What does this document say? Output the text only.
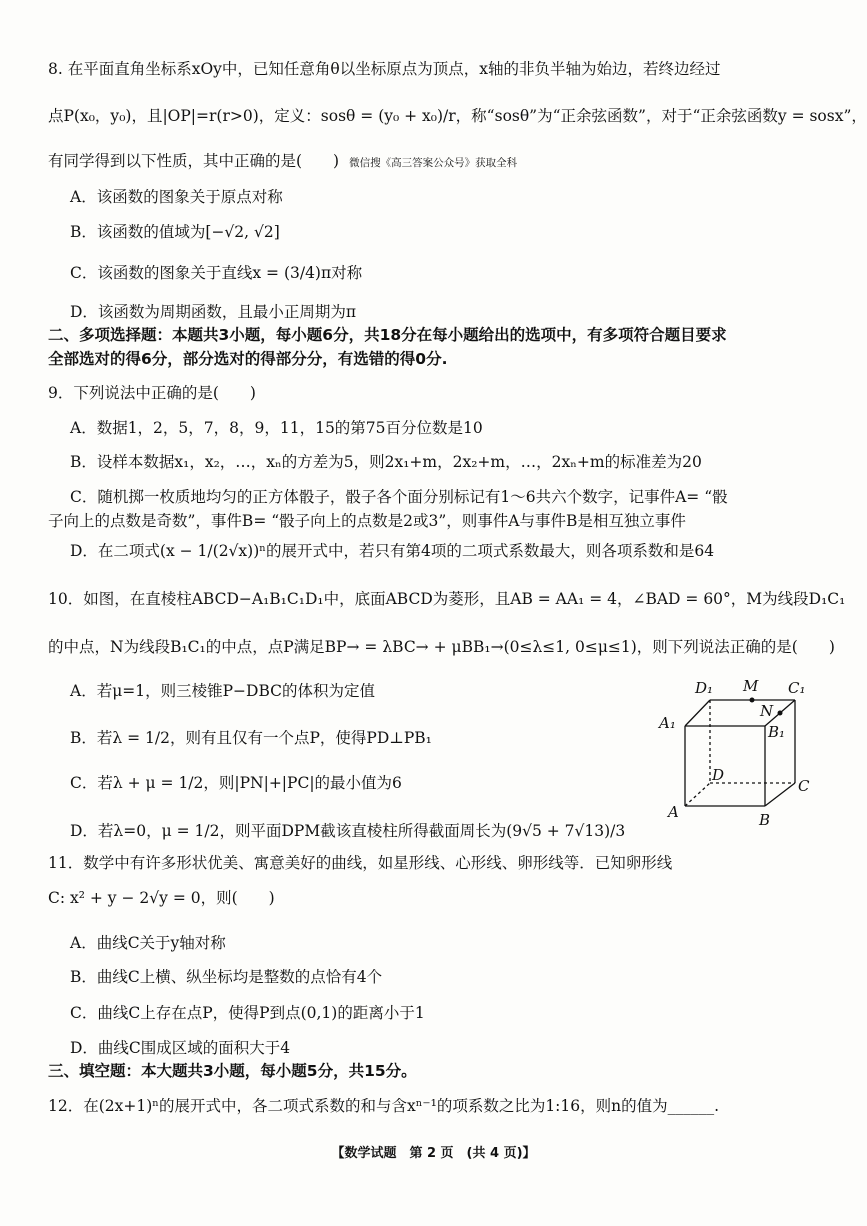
8. 在平面直角坐标系xOy中，已知任意角θ以坐标原点为顶点，x轴的非负半轴为始边，若终边经过
点P(x₀，y₀)，且|OP|=r(r>0)，定义：sosθ = (y₀ + x₀)/r，称“sosθ”为“正余弦函数”，对于“正余弦函数y = sosx”，
有同学得到以下性质，其中正确的是(　　) 微信搜《高三答案公众号》获取全科
A．该函数的图象关于原点对称
B．该函数的值域为[−√2, √2]
C．该函数的图象关于直线x = (3/4)π对称
D．该函数为周期函数，且最小正周期为π
二、多项选择题：本题共3小题，每小题6分，共18分在每小题给出的选项中，有多项符合题目要求
全部选对的得6分，部分选对的得部分分，有选错的得0分.
9．下列说法中正确的是(　　)
A．数据1，2，5，7，8，9，11，15的第75百分位数是10
B．设样本数据x₁，x₂，…，xₙ的方差为5，则2x₁+m，2x₂+m，…，2xₙ+m的标准差为20
C．随机掷一枚质地均匀的正方体骰子，骰子各个面分别标记有1～6共六个数字，记事件A= “骰
子向上的点数是奇数”，事件B= “骰子向上的点数是2或3”，则事件A与事件B是相互独立事件
D．在二项式(x − 1/(2√x))ⁿ的展开式中，若只有第4项的二项式系数最大，则各项系数和是64
10．如图，在直棱柱ABCD−A₁B₁C₁D₁中，底面ABCD为菱形，且AB = AA₁ = 4，∠BAD = 60°，M为线段D₁C₁
的中点，N为线段B₁C₁的中点，点P满足BP→ = λBC→ + μBB₁→(0≤λ≤1, 0≤μ≤1)，则下列说法正确的是(　　)
A．若μ=1，则三棱锥P−DBC的体积为定值
B．若λ = 1/2，则有且仅有一个点P，使得PD⊥PB₁
C．若λ + μ = 1/2，则|PN|+|PC|的最小值为6
D．若λ=0，μ = 1/2，则平面DPM截该直棱柱所得截面周长为(9√5 + 7√13)/3
D₁ M C₁
A₁
N
B₁
D
C
A	B
11．数学中有许多形状优美、寓意美好的曲线，如星形线、心形线、卵形线等．已知卵形线
C: x² + y − 2√y = 0，则(　　)
A．曲线C关于y轴对称
B．曲线C上横、纵坐标均是整数的点恰有4个
C．曲线C上存在点P，使得P到点(0,1)的距离小于1
D．曲线C围成区域的面积大于4
三、填空题：本大题共3小题，每小题5分，共15分。
12．在(2x+1)ⁿ的展开式中，各二项式系数的和与含xⁿ⁻¹的项系数之比为1:16，则n的值为______.
【数学试题　第 2 页　(共 4 页)】
